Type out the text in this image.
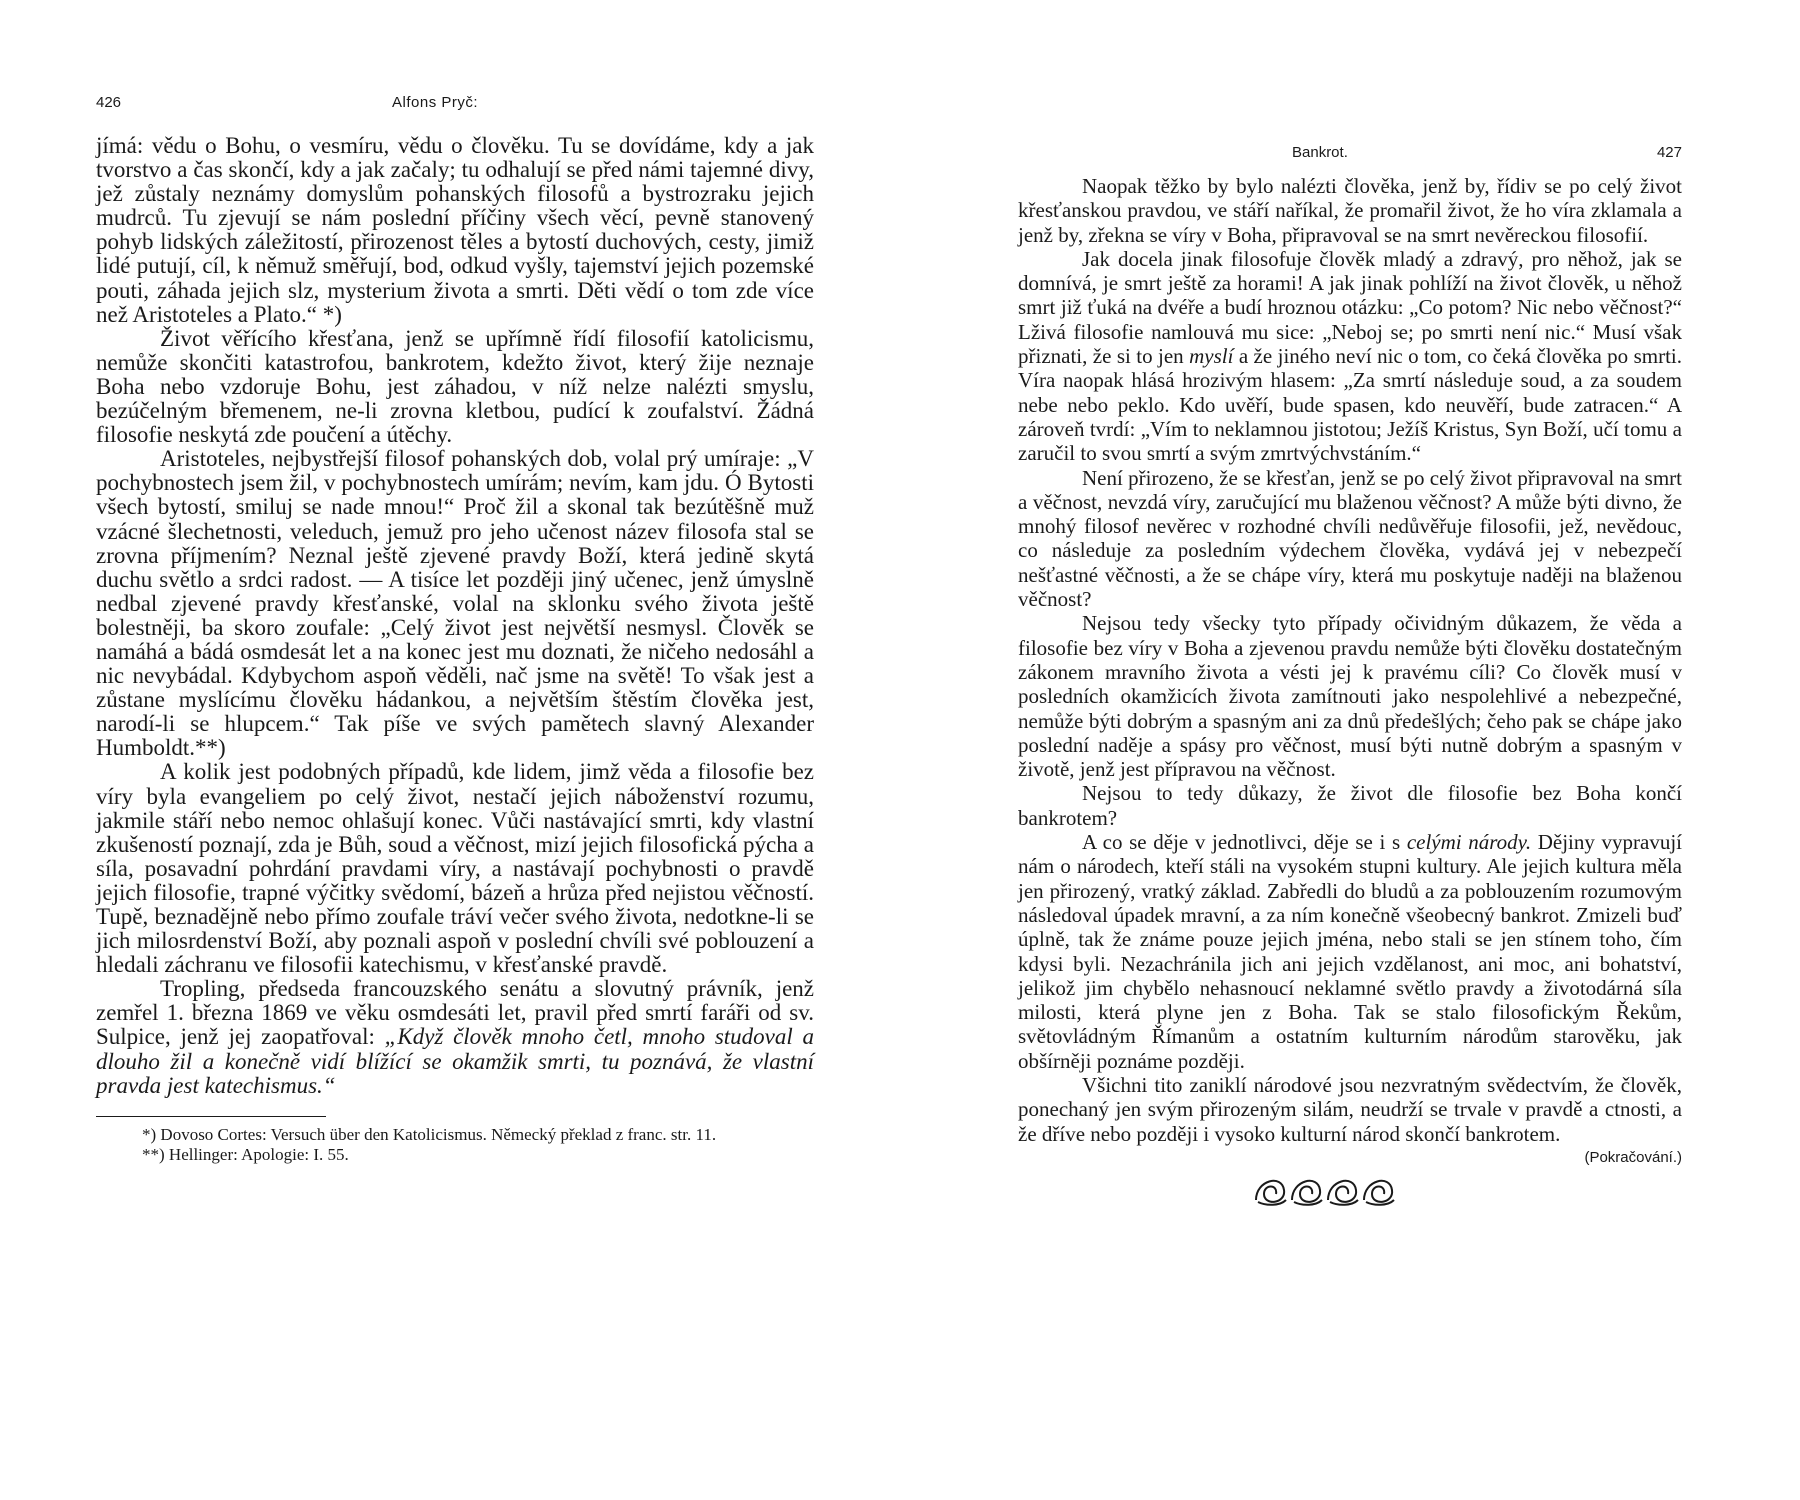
426	Alfons Pryč:

jímá: vědu o Bohu, o vesmíru, vědu o člověku. Tu se dovídáme, kdy a jak tvorstvo a čas skončí, kdy a jak začaly; tu odhalují se před námi tajemné divy, jež zůstaly neznámy domyslům pohanských filosofů a bystrozraku jejich mudrců. Tu zjevují se nám poslední příčiny všech věcí, pevně stanovený pohyb lidských záležitostí, přirozenost těles a bytostí duchových, cesty, jimiž lidé putují, cíl, k němuž směřují, bod, odkud vyšly, tajemství jejich pozemské pouti, záhada jejich slz, mysterium života a smrti. Děti vědí o tom zde více než Aristoteles a Plato.“ *)

Život věřícího křesťana, jenž se upřímně řídí filosofií katolicismu, nemůže skončiti katastrofou, bankrotem, kdežto život, který žije neznaje Boha nebo vzdoruje Bohu, jest záhadou, v níž nelze nalézti smyslu, bezúčelným břemenem, ne-li zrovna kletbou, pudící k zoufalství. Žádná filosofie neskytá zde poučení a útěchy.

Aristoteles, nejbystřejší filosof pohanských dob, volal prý umíraje: „V pochybnostech jsem žil, v pochybnostech umírám; nevím, kam jdu. Ó Bytosti všech bytostí, smiluj se nade mnou!“ Proč žil a skonal tak bezútěšně muž vzácné šlechetnosti, veleduch, jemuž pro jeho učenost název filosofa stal se zrovna příjmením? Neznal ještě zjevené pravdy Boží, která jedině skytá duchu světlo a srdci radost. — A tisíce let později jiný učenec, jenž úmyslně nedbal zjevené pravdy křesťanské, volal na sklonku svého života ještě bolestněji, ba skoro zoufale: „Celý život jest největší nesmysl. Člověk se namáhá a bádá osmdesát let a na konec jest mu doznati, že ničeho nedosáhl a nic nevybádal. Kdybychom aspoň věděli, nač jsme na světě! To však jest a zůstane myslícímu člověku hádankou, a největším štěstím člověka jest, narodí-li se hlupcem.“ Tak píše ve svých pamětech slavný Alexander Humboldt.**)

A kolik jest podobných případů, kde lidem, jimž věda a filosofie bez víry byla evangeliem po celý život, nestačí jejich náboženství rozumu, jakmile stáří nebo nemoc ohlašují konec. Vůči nastávající smrti, kdy vlastní zkušeností poznají, zda je Bůh, soud a věčnost, mizí jejich filosofická pýcha a síla, posavadní pohrdání pravdami víry, a nastávají pochybnosti o pravdě jejich filosofie, trapné výčitky svědomí, bázeň a hrůza před nejistou věčností. Tupě, beznadějně nebo přímo zoufale tráví večer svého života, nedotkne-li se jich milosrdenství Boží, aby poznali aspoň v poslední chvíli své poblouzení a hledali záchranu ve filosofii katechismu, v křesťanské pravdě.

Tropling, předseda francouzského senátu a slovutný právník, jenž zemřel 1. března 1869 ve věku osmdesáti let, pravil před smrtí faráři od sv. Sulpice, jenž jej zaopatřoval: „Když člověk mnoho četl, mnoho studoval a dlouho žil a konečně vidí blížící se okamžik smrti, tu poznává, že vlastní pravda jest katechismus.“

*) Dovoso Cortes: Versuch über den Katolicismus. Německý překlad z franc. str. 11.

**) Hellinger: Apologie: I. 55.

Bankrot.	427

Naopak těžko by bylo nalézti člověka, jenž by, řídiv se po celý život křesťanskou pravdou, ve stáří naříkal, že promařil život, že ho víra zklamala a jenž by, zřekna se víry v Boha, připravoval se na smrt nevěreckou filosofií.

Jak docela jinak filosofuje člověk mladý a zdravý, pro něhož, jak se domnívá, je smrt ještě za horami! A jak jinak pohlíží na život člověk, u něhož smrt již ťuká na dvéře a budí hroznou otázku: „Co potom? Nic nebo věčnost?“ Lživá filosofie namlouvá mu sice: „Neboj se; po smrti není nic.“ Musí však přiznati, že si to jen myslí a že jiného neví nic o tom, co čeká člověka po smrti. Víra naopak hlásá hrozivým hlasem: „Za smrtí následuje soud, a za soudem nebe nebo peklo. Kdo uvěří, bude spasen, kdo neuvěří, bude zatracen.“ A zároveň tvrdí: „Vím to neklamnou jistotou; Ježíš Kristus, Syn Boží, učí tomu a zaručil to svou smrtí a svým zmrtvýchvstáním.“

Není přirozeno, že se křesťan, jenž se po celý život připravoval na smrt a věčnost, nevzdá víry, zaručující mu blaženou věčnost? A může býti divno, že mnohý filosof nevěrec v rozhodné chvíli nedůvěřuje filosofii, jež, nevědouc, co následuje za posledním výdechem člověka, vydává jej v nebezpečí nešťastné věčnosti, a že se chápe víry, která mu poskytuje naději na blaženou věčnost?

Nejsou tedy všecky tyto případy očividným důkazem, že věda a filosofie bez víry v Boha a zjevenou pravdu nemůže býti člověku dostatečným zákonem mravního života a vésti jej k pravému cíli? Co člověk musí v posledních okamžicích života zamítnouti jako nespolehlivé a nebezpečné, nemůže býti dobrým a spasným ani za dnů předešlých; čeho pak se chápe jako poslední naděje a spásy pro věčnost, musí býti nutně dobrým a spasným v životě, jenž jest přípravou na věčnost.

Nejsou to tedy důkazy, že život dle filosofie bez Boha končí bankrotem?

A co se děje v jednotlivci, děje se i s celými národy. Dějiny vypravují nám o národech, kteří stáli na vysokém stupni kultury. Ale jejich kultura měla jen přirozený, vratký základ. Zabředli do bludů a za poblouzením rozumovým následoval úpadek mravní, a za ním konečně všeobecný bankrot. Zmizeli buď úplně, tak že známe pouze jejich jména, nebo stali se jen stínem toho, čím kdysi byli. Nezachránila jich ani jejich vzdělanost, ani moc, ani bohatství, jelikož jim chybělo nehasnoucí neklamné světlo pravdy a životodárná síla milosti, která plyne jen z Boha. Tak se stalo filosofickým Řekům, světovládným Římanům a ostatním kulturním národům starověku, jak obšírněji poznáme později.

Všichni tito zaniklí národové jsou nezvratným svědectvím, že člověk, ponechaný jen svým přirozeným silám, neudrží se trvale v pravdě a ctnosti, a že dříve nebo později i vysoko kulturní národ skončí bankrotem.
(Pokračování.)
